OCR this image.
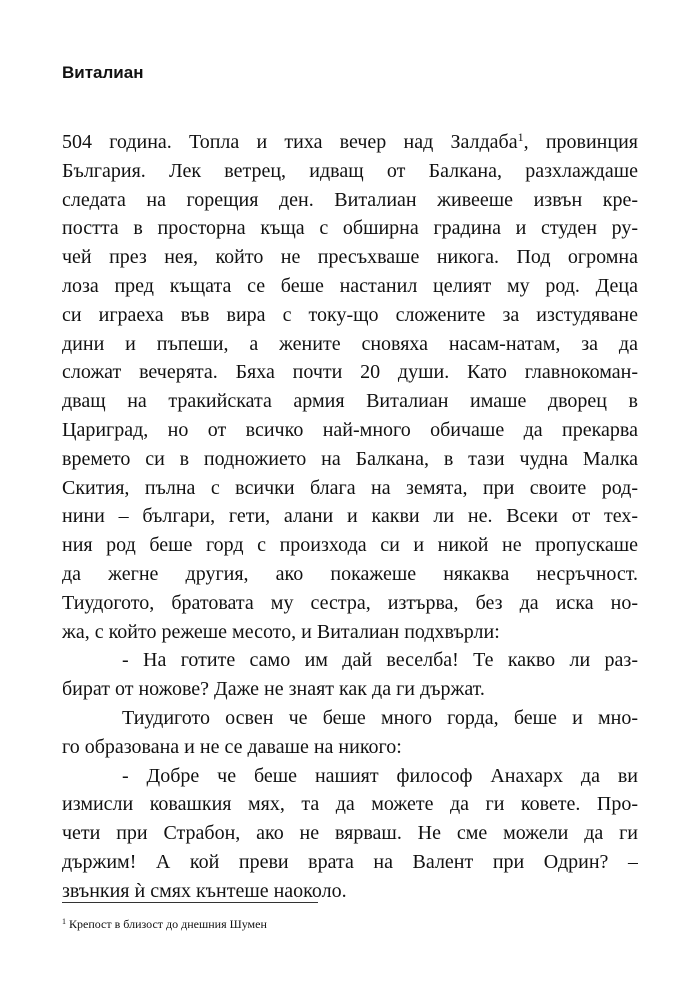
Виталиан
504 година. Топла и тиха вечер над Залдаба$^1$, провинция
България. Лек ветрец, идващ от Балкана, разхлаждаше
следата на горещия ден. Виталиан живееше извън кре-
постта в просторна къща с обширна градина и студен ру-
чей през нея, който не пресъхваше никога. Под огромна
лоза пред къщата се беше настанил целият му род. Деца
си играеха във вира с току-що сложените за изстудяване
дини и пъпеши, а жените сновяха насам-натам, за да
сложат вечерята. Бяха почти 20 души. Като главнокоман-
дващ на тракийската армия Виталиан имаше дворец в
Цариград, но от всичко най-много обичаше да прекарва
времето си в подножието на Балкана, в тази чудна Малка
Скития, пълна с всички блага на земята, при своите род-
нини – българи, гети, алани и какви ли не. Всеки от тех-
ния род беше горд с произхода си и никой не пропускаше
да жегне другия, ако покажеше някаква несръчност.
Тиудогото, братовата му сестра, изтърва, без да иска но-
жа, с който режеше месото, и Виталиан подхвърли:
- На готите само им дай веселба! Те какво ли раз-
бират от ножове? Даже не знаят как да ги държат.
Тиудигото освен че беше много горда, беше и мно-
го образована и не се даваше на никого:
- Добре че беше нашият философ Анахарх да ви
измисли ковашкия мях, та да можете да ги ковете. Про-
чети при Страбон, ако не вярваш. Не сме можели да ги
държим! А кой преви врата на Валент при Одрин? –
звънкия ѝ смях кънтеше наоколо.
$^1$ Крепост в близост до днешния Шумен
